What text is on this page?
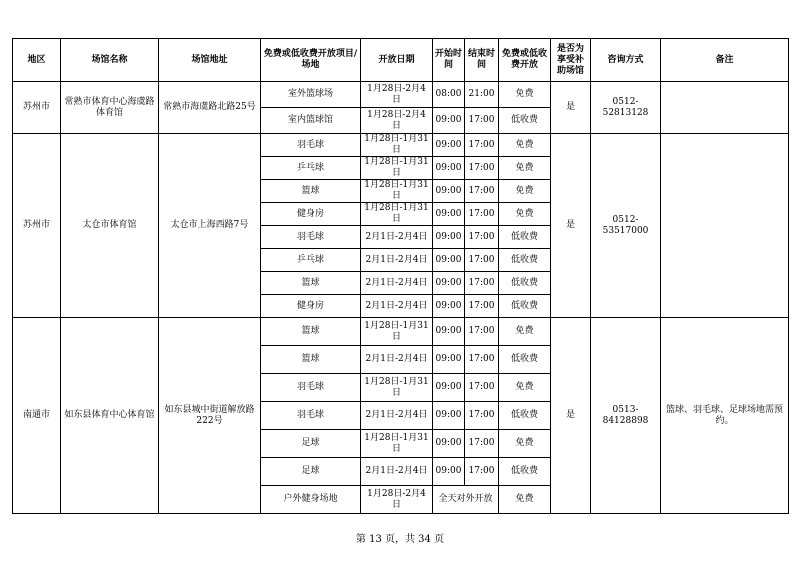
地区	场馆名称	场馆地址	免费或低收费开放项目/场地	开放日期	开始时间	结束时间	免费或低收费开放	是否为享受补助场馆	咨询方式	备注
苏州市	常熟市体育中心海虞路体育馆	常熟市海虞路北路25号	室外篮球场	1月28日-2月4日	08:00	21:00	免费	是	0512-52813128	
			室内篮球馆	1月28日-2月4日	09:00	17:00	低收费			
苏州市	太仓市体育馆	太仓市上海西路7号	羽毛球	1月28日-1月31日	09:00	17:00	免费	是	0512-53517000	
			乒乓球	1月28日-1月31日	09:00	17:00	免费			
			篮球	1月28日-1月31日	09:00	17:00	免费			
			健身房	1月28日-1月31日	09:00	17:00	免费			
			羽毛球	2月1日-2月4日	09:00	17:00	低收费			
			乒乓球	2月1日-2月4日	09:00	17:00	低收费			
			篮球	2月1日-2月4日	09:00	17:00	低收费			
			健身房	2月1日-2月4日	09:00	17:00	低收费			
南通市	如东县体育中心体育馆	如东县城中街道解放路222号	篮球	1月28日-1月31日	09:00	17:00	免费	是	0513-84128898	篮球、羽毛球、足球场地需预约。
			篮球	2月1日-2月4日	09:00	17:00	低收费			
			羽毛球	1月28日-1月31日	09:00	17:00	免费			
			羽毛球	2月1日-2月4日	09:00	17:00	低收费			
			足球	1月28日-1月31日	09:00	17:00	免费			
			足球	2月1日-2月4日	09:00	17:00	低收费			
			户外健身场地	1月28日-2月4日	全天对外开放		免费			
第 13 页，共 34 页
